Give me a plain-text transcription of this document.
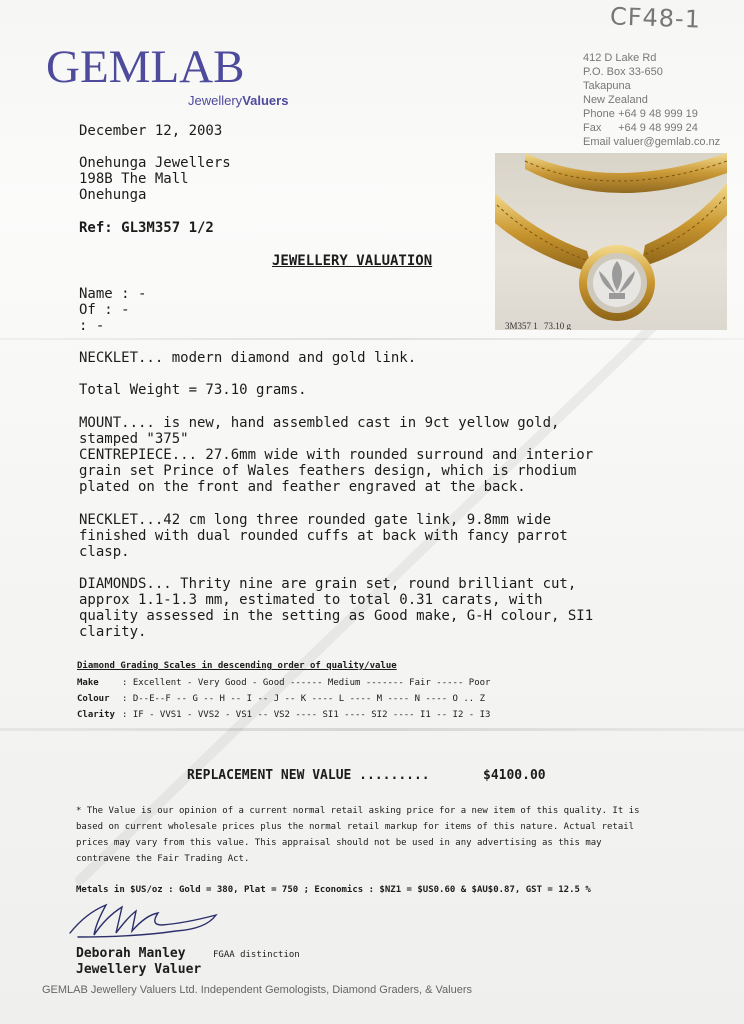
CF48-1
GEMLAB
JewelleryValuers
412 D Lake Rd
P.O. Box 33-650
Takapuna
New Zealand
Phone +64 9 48 999 19
Fax +64 9 48 999 24
Email valuer@gemlab.co.nz
3M357 1 73.10 g
December 12, 2003
Onehunga Jewellers
198B The Mall
Onehunga
Ref: GL3M357 1/2
JEWELLERY VALUATION
Name : -
Of : -
: -
NECKLET... modern diamond and gold link.
Total Weight = 73.10 grams.
MOUNT.... is new, hand assembled cast in 9ct yellow gold,
stamped "375"
CENTREPIECE... 27.6mm wide with rounded surround and interior
grain set Prince of Wales feathers design, which is rhodium
plated on the front and feather engraved at the back.
NECKLET...42 cm long three rounded gate link, 9.8mm wide
finished with dual rounded cuffs at back with fancy parrot
clasp.
DIAMONDS... Thrity nine are grain set, round brilliant cut,
approx 1.1-1.3 mm, estimated to total 0.31 carats, with
quality assessed in the setting as Good make, G-H colour, SI1
clarity.
Diamond Grading Scales in descending order of quality/value
Make	: Excellent - Very Good - Good ------ Medium ------- Fair ----- Poor
Colour : D--E--F -- G -- H -- I -- J -- K ---- L ---- M ---- N ---- O .. Z
Clarity : IF - VVS1 - VVS2 - VS1 -- VS2 ---- SI1 ---- SI2 ---- I1 -- I2 - I3
REPLACEMENT NEW VALUE .........	$4100.00
* The Value is our opinion of a current normal retail asking price for a new item of this quality. It is
based on current wholesale prices plus the normal retail markup for items of this nature. Actual retail
prices may vary from this value. This appraisal should not be used in any advertising as this may
contravene the Fair Trading Act.
Metals in $US/oz : Gold = 380, Plat = 750 ; Economics : $NZ1 = $US0.60 & $AU$0.87, GST = 12.5 %
Deborah Manley	FGAA distinction
Jewellery Valuer
GEMLAB Jewellery Valuers Ltd. Independent Gemologists, Diamond Graders, & Valuers
